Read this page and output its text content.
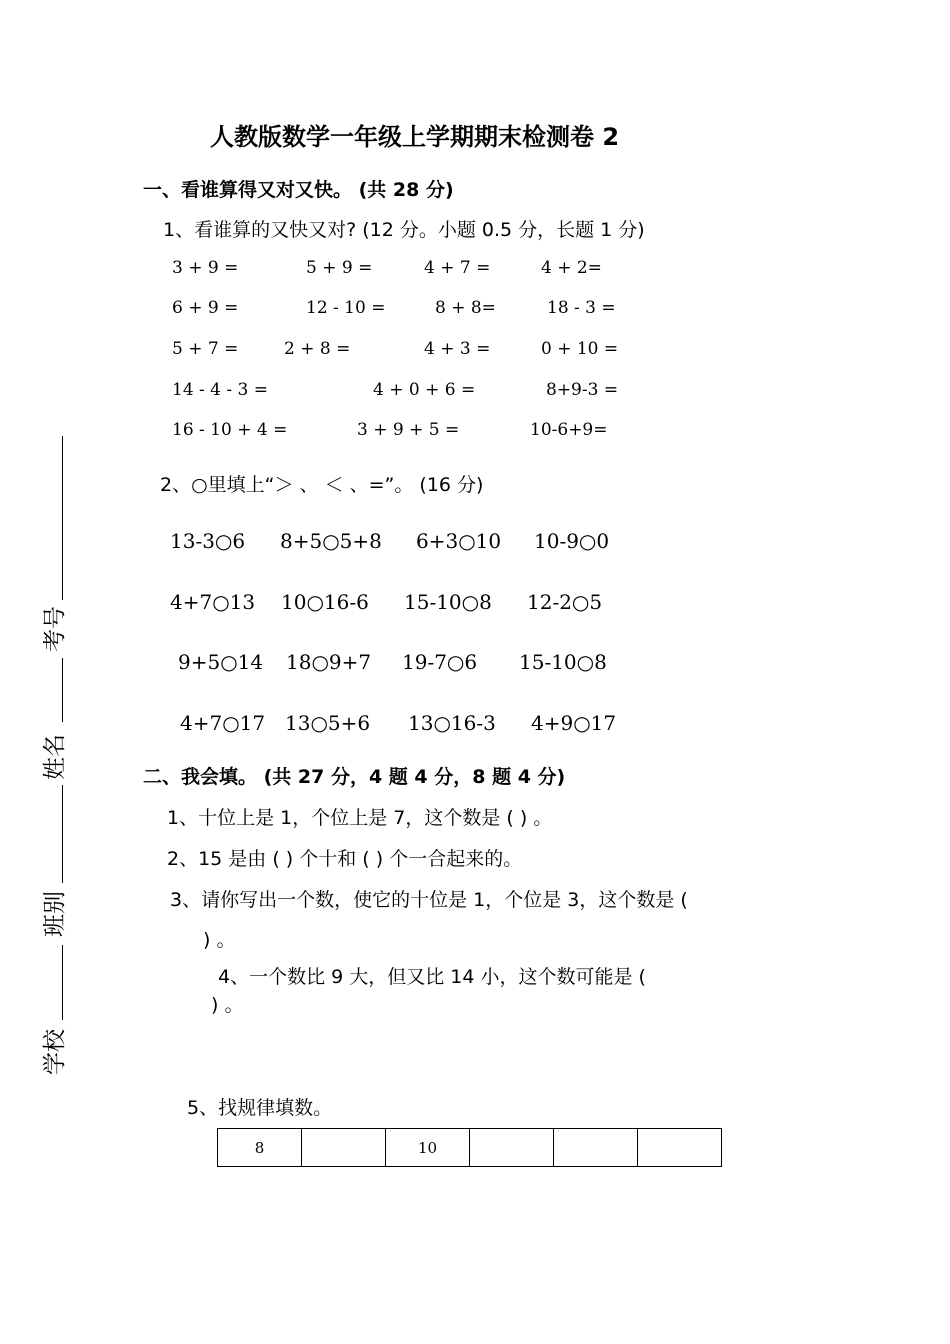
人教版数学一年级上学期期末检测卷 2
考号
姓名
班别
学校
一、看谁算得又对又快。 (共 28 分)
1、看谁算的又快又对? (12 分。小题 0.5 分，长题 1 分)
3 + 9 =	5 + 9 =	4 + 7 =	4 + 2=
6 + 9 =	12 - 10 =	8 + 8=	18 - 3 =
5 + 7 =	2 + 8 =	4 + 3 =	0 + 10 =
14 - 4 - 3 =	4 + 0 + 6 =	8+9-3 =
16 - 10 + 4 =	3 + 9 + 5 =	10-6+9=
2、○里填上“＞ 、 ＜ 、=”。 (16 分)
13-3○6 8+5○5+8 6+3○10 10-9○0
4+7○13 10○16-6 15-10○8 12-2○5
9+5○14 18○9+7 19-7○6 15-10○8
4+7○17 13○5+6 13○16-3 4+9○17
二、我会填。 (共 27 分，4 题 4 分，8 题 4 分)
1、十位上是 1，个位上是 7，这个数是 ( ) 。
2、15 是由 ( ) 个十和 ( ) 个一合起来的。
3、请你写出一个数，使它的十位是 1，个位是 3，这个数是 (
) 。
4、一个数比 9 大，但又比 14 小，这个数可能是 (
) 。
5、找规律填数。
8		10			
